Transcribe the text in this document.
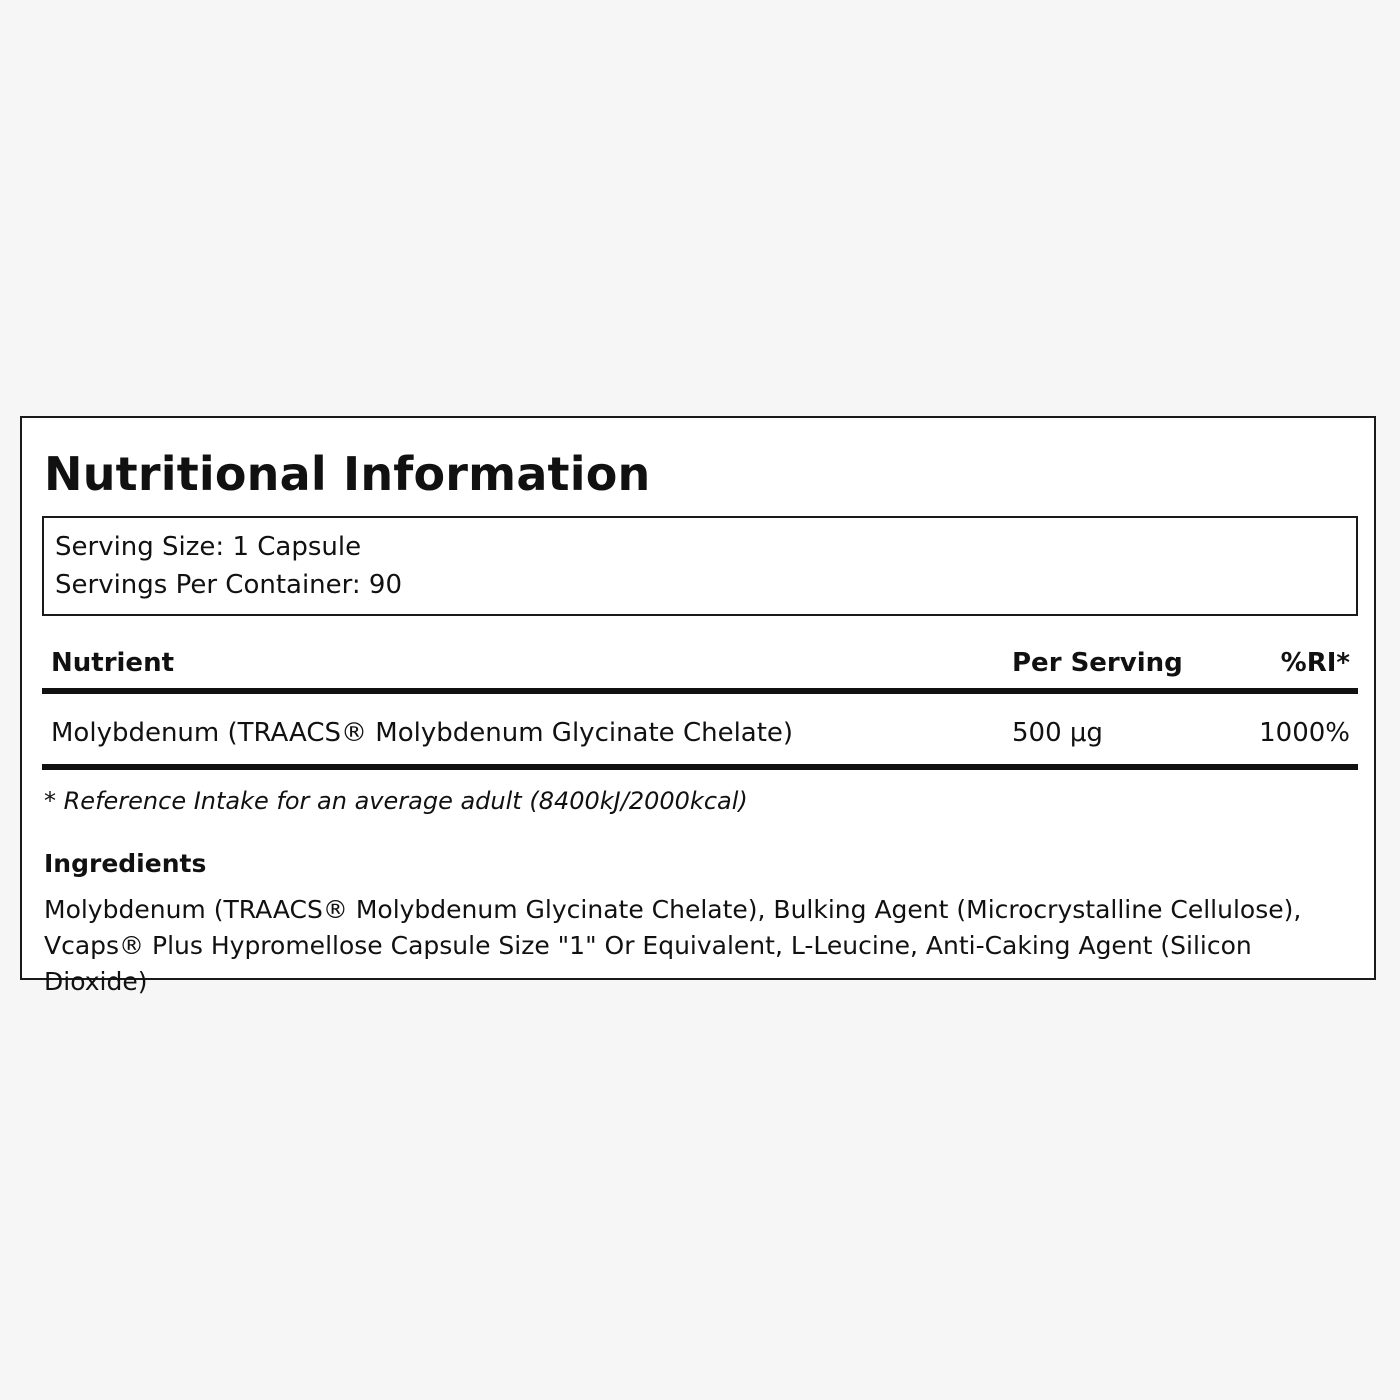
Nutritional Information
Serving Size: 1 Capsule
Servings Per Container: 90
Nutrient	Per Serving	%RI*
Molybdenum (TRAACS® Molybdenum Glycinate Chelate)	500 μg	1000%
* Reference Intake for an average adult (8400kJ/2000kcal)
Ingredients

Molybdenum (TRAACS® Molybdenum Glycinate Chelate), Bulking Agent (Microcrystalline Cellulose), Vcaps® Plus Hypromellose Capsule Size "1" Or Equivalent, L-Leucine, Anti-Caking Agent (Silicon Dioxide)
